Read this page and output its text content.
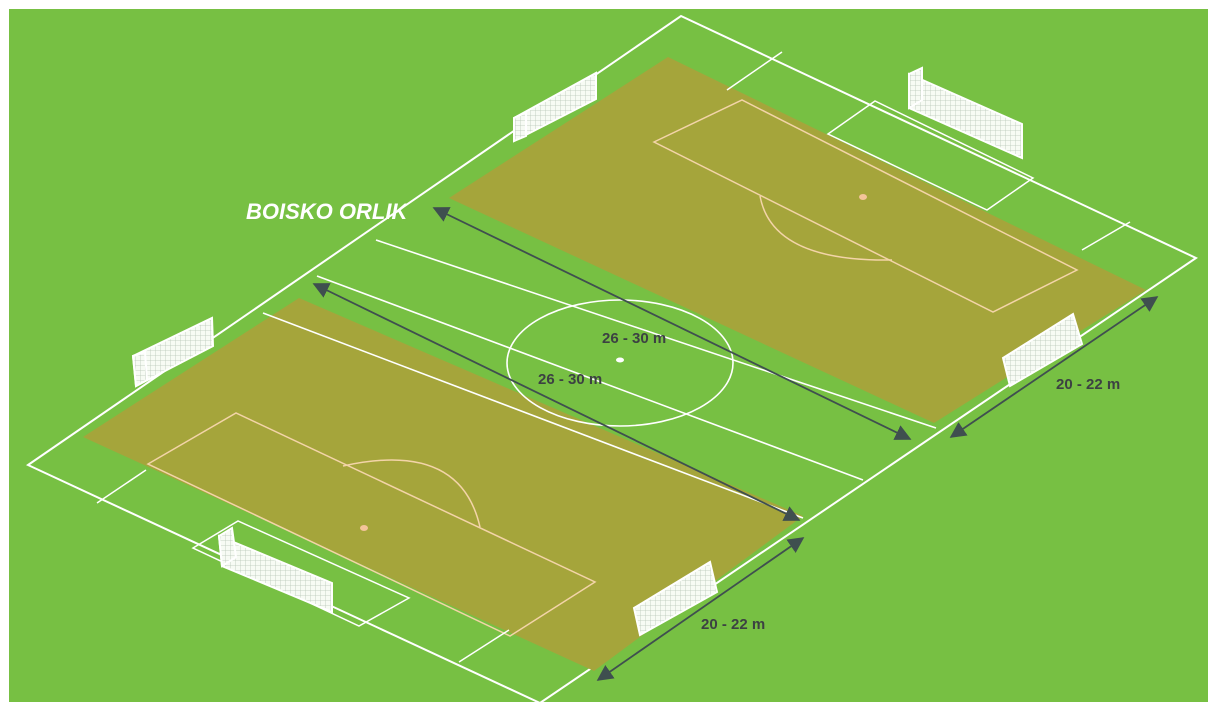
BOISKO ORLIK
26 - 30 m
26 - 30 m	20 - 22 m
20 - 22 m
